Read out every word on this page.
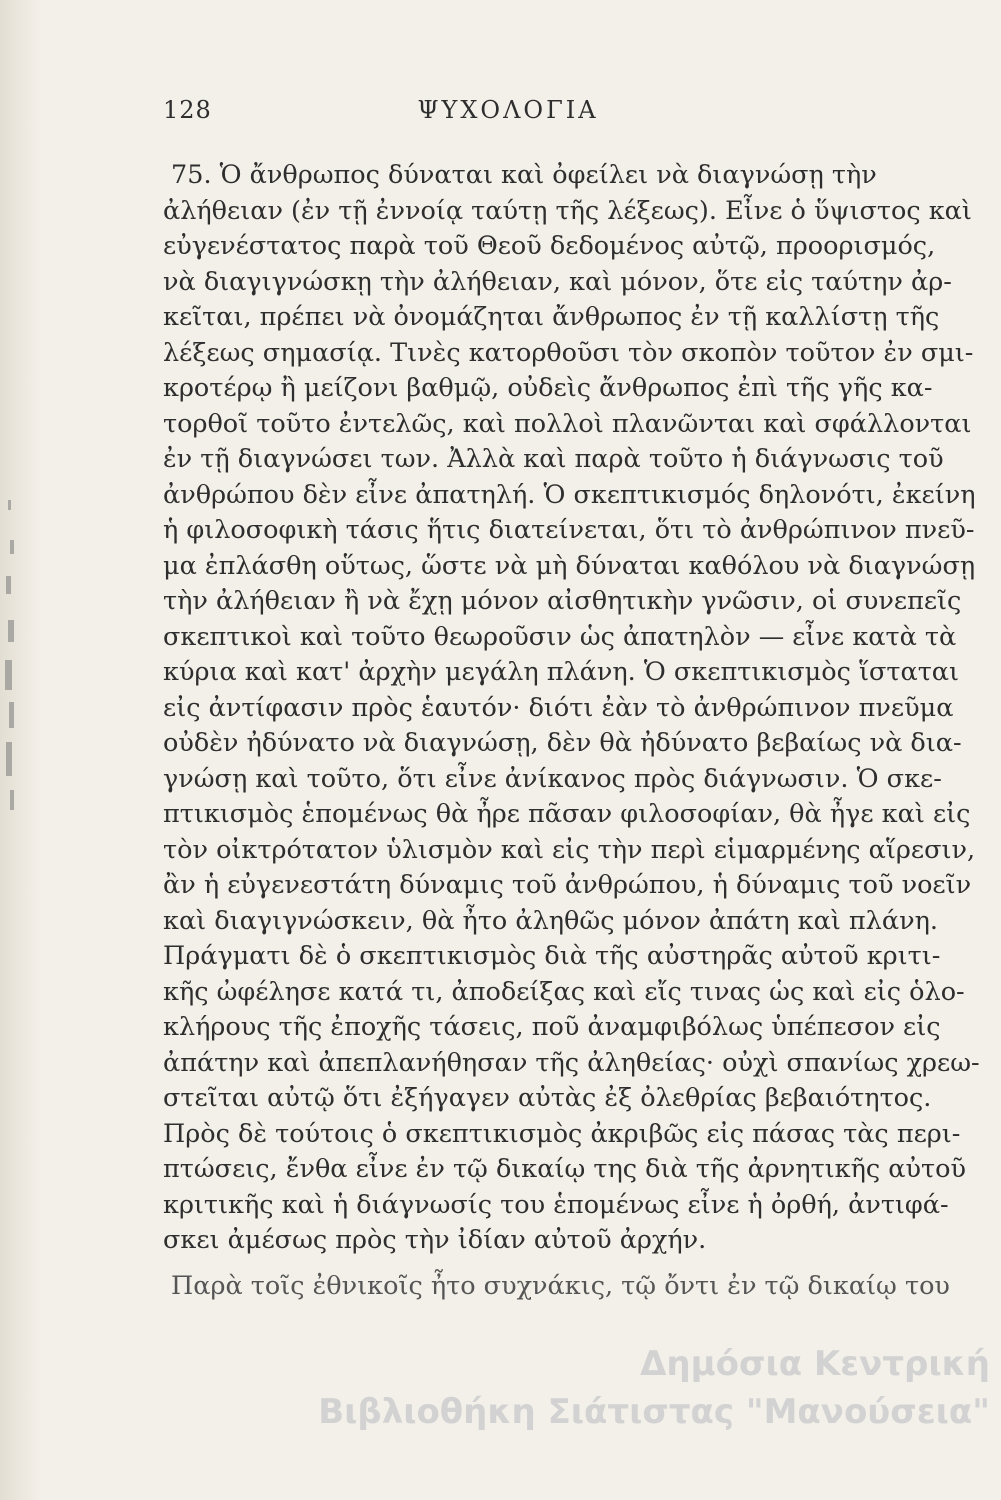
128	ΨΥΧΟΛΟΓΙΑ
75. Ὁ ἄνθρωπος δύναται καὶ ὀφείλει νὰ διαγνώσῃ τὴν
ἀλήθειαν (ἐν τῇ ἐννοίᾳ ταύτῃ τῆς λέξεως). Εἶνε ὁ ὕψιστος καὶ
εὐγενέστατος παρὰ τοῦ Θεοῦ δεδομένος αὐτῷ, προορισμός,
νὰ διαγιγνώσκῃ τὴν ἀλήθειαν, καὶ μόνον, ὅτε εἰς ταύτην ἀρ-
κεῖται, πρέπει νὰ ὀνομάζηται ἄνθρωπος ἐν τῇ καλλίστῃ τῆς
λέξεως σημασίᾳ. Τινὲς κατορθοῦσι τὸν σκοπὸν τοῦτον ἐν σμι-
κροτέρῳ ἢ μείζονι βαθμῷ, οὐδεὶς ἄνθρωπος ἐπὶ τῆς γῆς κα-
τορθοῖ τοῦτο ἐντελῶς, καὶ πολλοὶ πλανῶνται καὶ σφάλλονται
ἐν τῇ διαγνώσει των. Ἀλλὰ καὶ παρὰ τοῦτο ἡ διάγνωσις τοῦ
ἀνθρώπου δὲν εἶνε ἀπατηλή. Ὁ σκεπτικισμός δηλονότι, ἐκείνη
ἡ φιλοσοφικὴ τάσις ἥτις διατείνεται, ὅτι τὸ ἀνθρώπινον πνεῦ-
μα ἐπλάσθη οὕτως, ὥστε νὰ μὴ δύναται καθόλου νὰ διαγνώσῃ
τὴν ἀλήθειαν ἢ νὰ ἔχῃ μόνον αἰσθητικὴν γνῶσιν, οἱ συνεπεῖς
σκεπτικοὶ καὶ τοῦτο θεωροῦσιν ὡς ἀπατηλὸν — εἶνε κατὰ τὰ
κύρια καὶ κατ' ἀρχὴν μεγάλη πλάνη. Ὁ σκεπτικισμὸς ἵσταται
εἰς ἀντίφασιν πρὸς ἑαυτόν· διότι ἐὰν τὸ ἀνθρώπινον πνεῦμα
οὐδὲν ἠδύνατο νὰ διαγνώσῃ, δὲν θὰ ἠδύνατο βεβαίως νὰ δια-
γνώσῃ καὶ τοῦτο, ὅτι εἶνε ἀνίκανος πρὸς διάγνωσιν. Ὁ σκε-
πτικισμὸς ἑπομένως θὰ ἦρε πᾶσαν φιλοσοφίαν, θὰ ἦγε καὶ εἰς
τὸν οἰκτρότατον ὑλισμὸν καὶ εἰς τὴν περὶ εἱμαρμένης αἵρεσιν,
ἂν ἡ εὐγενεστάτη δύναμις τοῦ ἀνθρώπου, ἡ δύναμις τοῦ νοεῖν
καὶ διαγιγνώσκειν, θὰ ἦτο ἀληθῶς μόνον ἀπάτη καὶ πλάνη.
Πράγματι δὲ ὁ σκεπτικισμὸς διὰ τῆς αὐστηρᾶς αὐτοῦ κριτι-
κῆς ὠφέλησε κατά τι, ἀποδείξας καὶ εἴς τινας ὡς καὶ εἰς ὁλο-
κλήρους τῆς ἐποχῆς τάσεις, ποῦ ἀναμφιβόλως ὑπέπεσον εἰς
ἀπάτην καὶ ἀπεπλανήθησαν τῆς ἀληθείας· οὐχὶ σπανίως χρεω-
στεῖται αὐτῷ ὅτι ἐξήγαγεν αὐτὰς ἐξ ὀλεθρίας βεβαιότητος.
Πρὸς δὲ τούτοις ὁ σκεπτικισμὸς ἀκριβῶς εἰς πάσας τὰς περι-
πτώσεις, ἔνθα εἶνε ἐν τῷ δικαίῳ της διὰ τῆς ἀρνητικῆς αὐτοῦ
κριτικῆς καὶ ἡ διάγνωσίς του ἑπομένως εἶνε ἡ ὀρθή, ἀντιφά-
σκει ἀμέσως πρὸς τὴν ἰδίαν αὐτοῦ ἀρχήν.
Παρὰ τοῖς ἐθνικοῖς ἦτο συχνάκις, τῷ ὄντι ἐν τῷ δικαίῳ του
Δημόσια Κεντρική
Βιβλιοθήκη Σιάτιστας "Μανούσεια"
